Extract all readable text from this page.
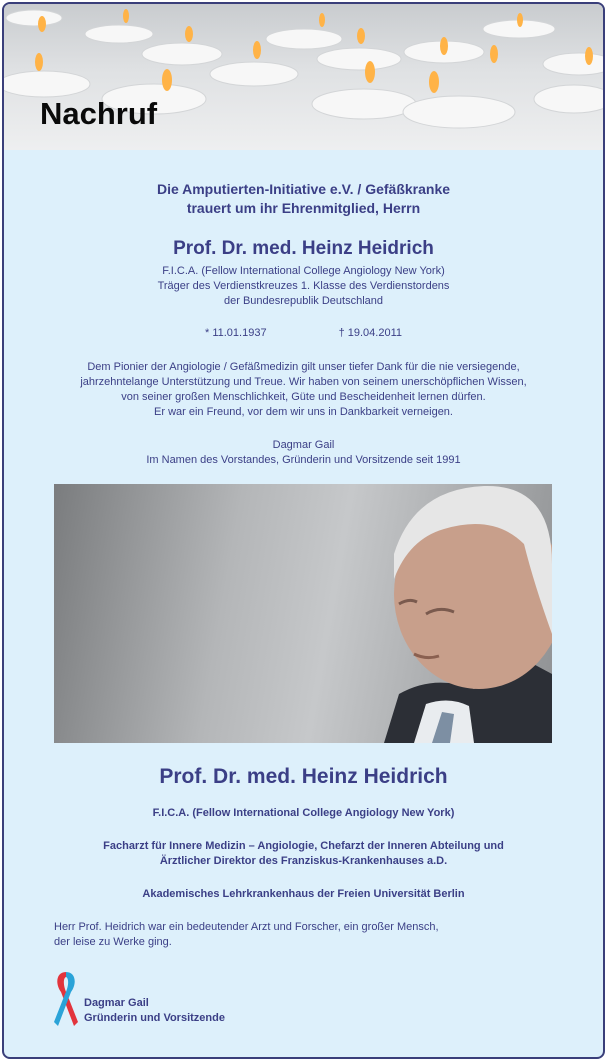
Nachruf
Die Amputierten-Initiative e.V. / Gefäßkranke
trauert um ihr Ehrenmitglied, Herrn
Prof. Dr. med. Heinz Heidrich
F.I.C.A. (Fellow International College Angiology New York)
Träger des Verdienstkreuzes 1. Klasse des Verdienstordens
der Bundesrepublik Deutschland
* 11.01.1937	† 19.04.2011
Dem Pionier der Angiologie / Gefäßmedizin gilt unser tiefer Dank für die nie versiegende,
jahrzehntelange Unterstützung und Treue. Wir haben von seinem unerschöpflichen Wissen,
von seiner großen Menschlichkeit, Güte und Bescheidenheit lernen dürfen.
Er war ein Freund, vor dem wir uns in Dankbarkeit verneigen.
Dagmar Gail
Im Namen des Vorstandes, Gründerin und Vorsitzende seit 1991
Prof. Dr. med. Heinz Heidrich
F.I.C.A. (Fellow International College Angiology New York)
Facharzt für Innere Medizin – Angiologie, Chefarzt der Inneren Abteilung und
Ärztlicher Direktor des Franziskus-Krankenhauses a.D.
Akademisches Lehrkrankenhaus der Freien Universität Berlin
Herr Prof. Heidrich war ein bedeutender Arzt und Forscher, ein großer Mensch,
der leise zu Werke ging.
Dagmar Gail
Gründerin und Vorsitzende
